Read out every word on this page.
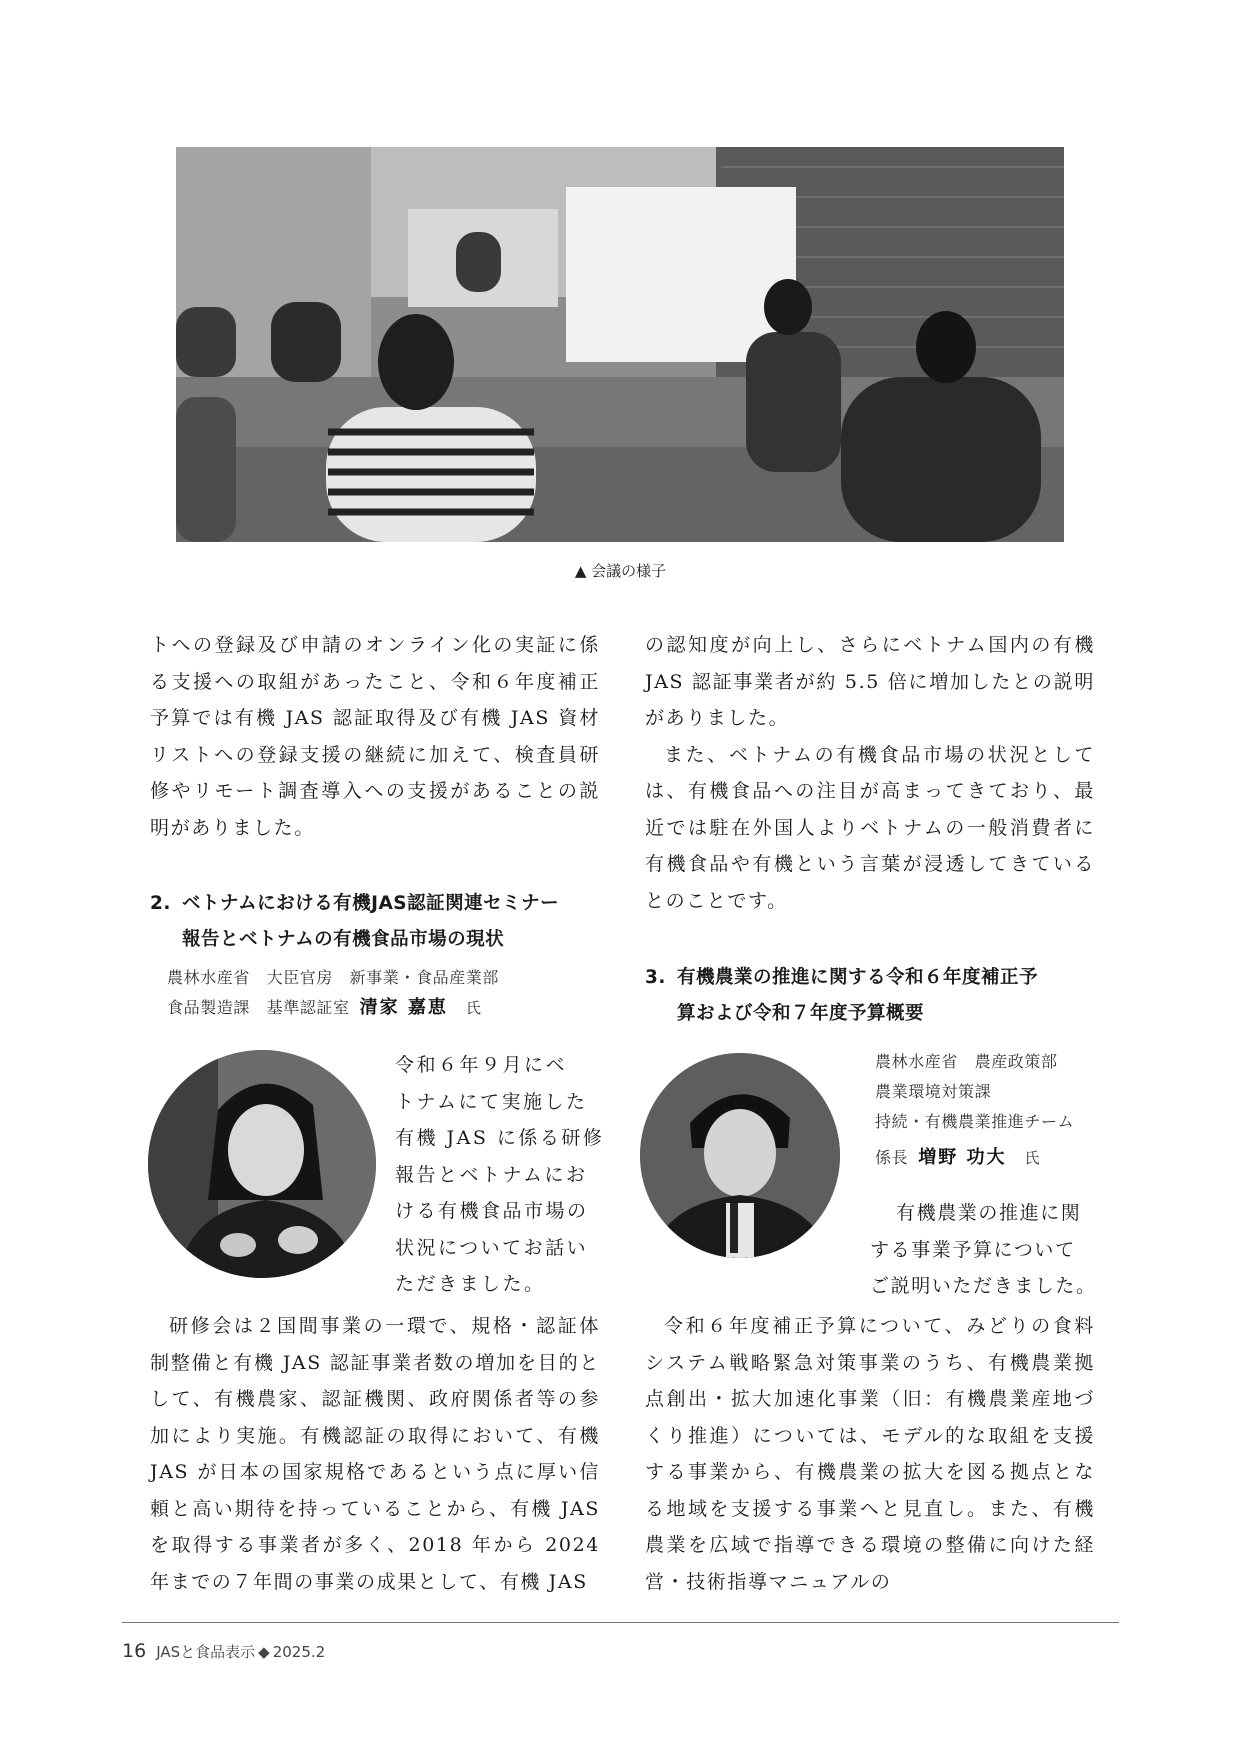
▲ 会議の様子

トへの登録及び申請のオンライン化の実証に係る支援への取組があったこと、令和６年度補正予算では有機 JAS 認証取得及び有機 JAS 資材リストへの登録支援の継続に加えて、検査員研修やリモート調査導入への支援があることの説明がありました。

2. ベトナムにおける有機JAS認証関連セミナー
報告とベトナムの有機食品市場の現状
農林水産省　大臣官房　新事業・食品産業部
食品製造課　基準認証室 清家 嘉恵 氏

令和６年９月にベ
トナムにて実施した
有機 JAS に係る研修
報告とベトナムにお
ける有機食品市場の
状況についてお話い
ただきました。

研修会は２国間事業の一環で、規格・認証体制整備と有機 JAS 認証事業者数の増加を目的として、有機農家、認証機関、政府関係者等の参加により実施。有機認証の取得において、有機 JAS が日本の国家規格であるという点に厚い信頼と高い期待を持っていることから、有機 JAS を取得する事業者が多く、2018 年から 2024 年までの７年間の事業の成果として、有機 JAS

の認知度が向上し、さらにベトナム国内の有機 JAS 認証事業者が約 5.5 倍に増加したとの説明がありました。

また、ベトナムの有機食品市場の状況としては、有機食品への注目が高まってきており、最近では駐在外国人よりベトナムの一般消費者に有機食品や有機という言葉が浸透してきているとのことです。

3. 有機農業の推進に関する令和６年度補正予
算および令和７年度予算概要
農林水産省　農産政策部
農業環境対策課
持続・有機農業推進チーム
係長 増野 功大 氏

有機農業の推進に関
する事業予算について
ご説明いただきました。

令和６年度補正予算について、みどりの食料システム戦略緊急対策事業のうち、有機農業拠点創出・拡大加速化事業（旧：有機農業産地づくり推進）については、モデル的な取組を支援する事業から、有機農業の拡大を図る拠点となる地域を支援する事業へと見直し。また、有機農業を広域で指導できる環境の整備に向けた経営・技術指導マニュアルの

16 JASと食品表示 ◆ 2025.2
